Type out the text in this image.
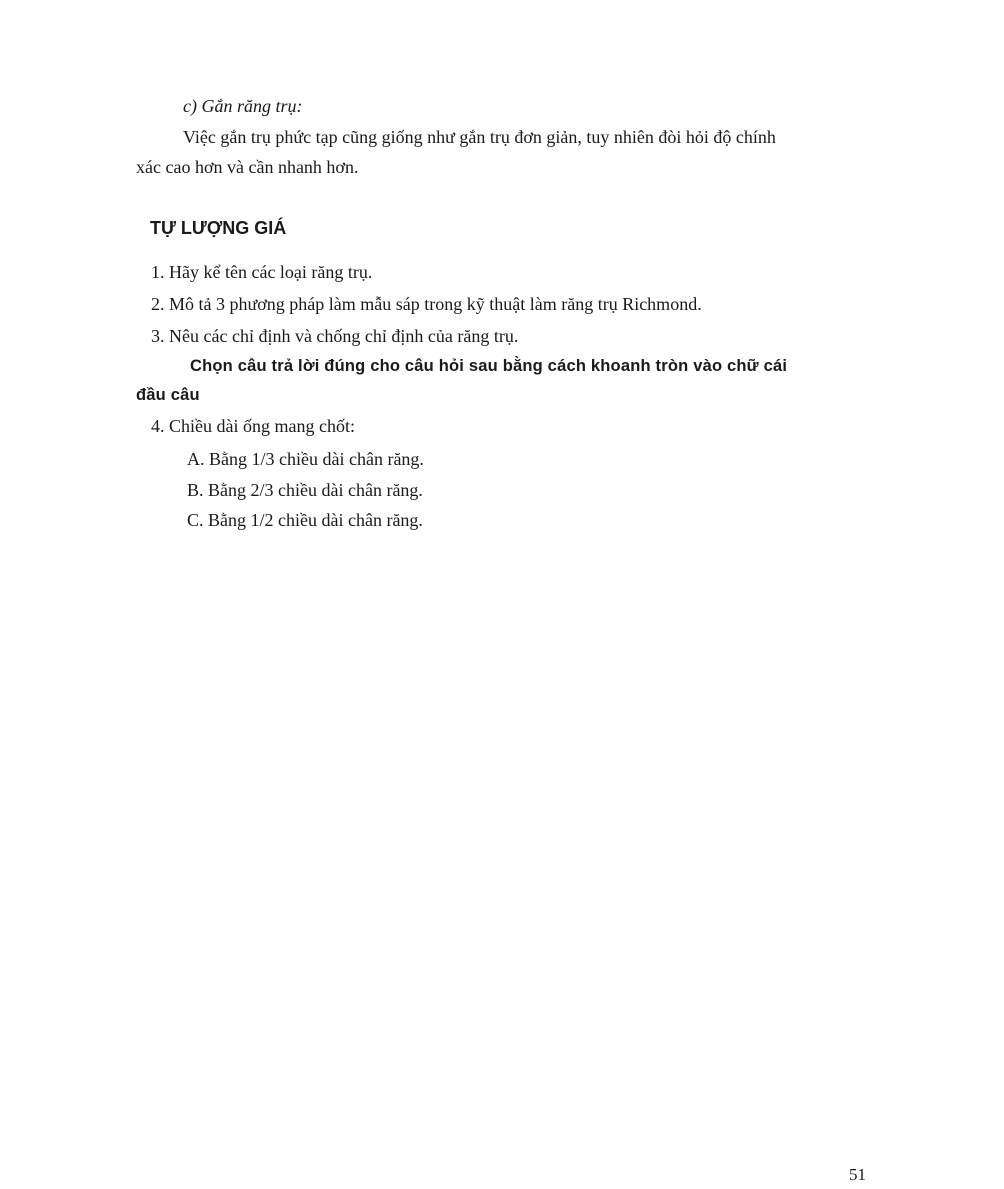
c) Gắn răng trụ:
Việc gắn trụ phức tạp cũng giống như gắn trụ đơn giản, tuy nhiên đòi hỏi độ chính
xác cao hơn và cần nhanh hơn.
TỰ LƯỢNG GIÁ
1. Hãy kể tên các loại răng trụ.
2. Mô tả 3 phương pháp làm mẫu sáp trong kỹ thuật làm răng trụ Richmond.
3. Nêu các chỉ định và chống chỉ định của răng trụ.
Chọn câu trả lời đúng cho câu hỏi sau bằng cách khoanh tròn vào chữ cái
đầu câu
4. Chiều dài ống mang chốt:
A. Bằng 1/3 chiều dài chân răng.
B. Bằng 2/3 chiều dài chân răng.
C. Bằng 1/2 chiều dài chân răng.
51
